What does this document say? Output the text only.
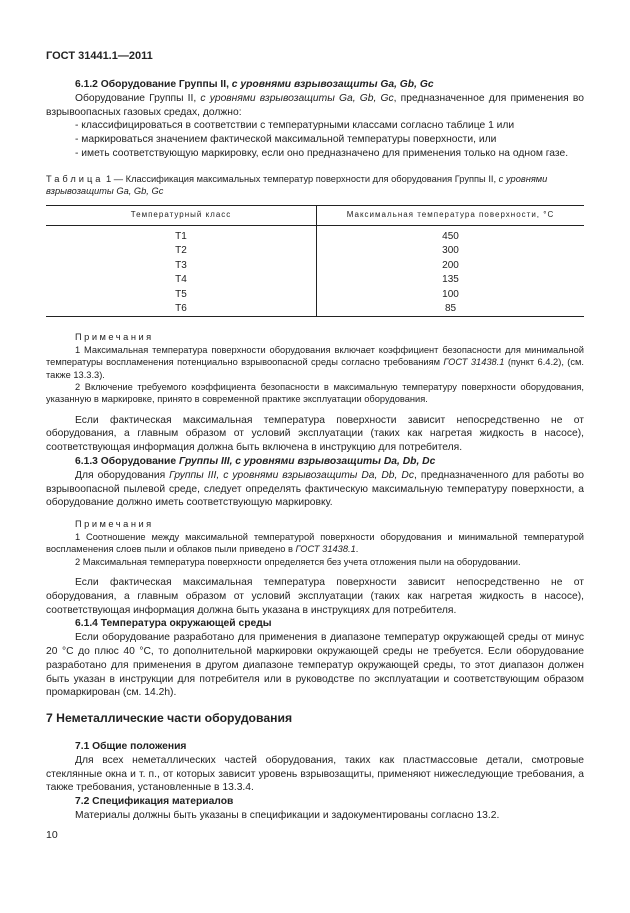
ГОСТ 31441.1—2011

6.1.2 Оборудование Группы II, с уровнями взрывозащиты Ga, Gb, Gc

Оборудование Группы II, с уровнями взрывозащиты Ga, Gb, Gc, предназначенное для применения во взрывоопасных газовых средах, должно:

- классифицироваться в соответствии с температурными классами согласно таблице 1 или

- маркироваться значением фактической максимальной температуры поверхности, или

- иметь соответствующую маркировку, если оно предназначено для применения только на одном газе.

Таблица 1 — Классификация максимальных температур поверхности для оборудования Группы II, с уровнями взрывозащиты Ga, Gb, Gc
Температурный класс	Максимальная температура поверхности, °С
T1	450
T2	300
T3	200
T4	135
T5	100
T6	85
Примечания

1 Максимальная температура поверхности оборудования включает коэффициент безопасности для минимальной температуры воспламенения потенциально взрывоопасной среды согласно требованиям ГОСТ 31438.1 (пункт 6.4.2), (см. также 13.3.3).

2 Включение требуемого коэффициента безопасности в максимальную температуру поверхности оборудования, указанную в маркировке, принято в современной практике эксплуатации оборудования.

Если фактическая максимальная температура поверхности зависит непосредственно не от оборудования, а главным образом от условий эксплуатации (таких как нагретая жидкость в насосе), соответствующая информация должна быть включена в инструкцию для потребителя.

6.1.3 Оборудование Группы III, с уровнями взрывозащиты Da, Db, Dc

Для оборудования Группы III, с уровнями взрывозащиты Da, Db, Dc, предназначенного для работы во взрывоопасной пылевой среде, следует определять фактическую максимальную температуру поверхности, а оборудование должно иметь соответствующую маркировку.

Примечания

1 Соотношение между максимальной температурой поверхности оборудования и минимальной температурой воспламенения слоев пыли и облаков пыли приведено в ГОСТ 31438.1.

2 Максимальная температура поверхности определяется без учета отложения пыли на оборудовании.

Если фактическая максимальная температура поверхности зависит непосредственно не от оборудования, а главным образом от условий эксплуатации (таких как нагретая жидкость в насосе), соответствующая информация должна быть указана в инструкциях для потребителя.

6.1.4 Температура окружающей среды

Если оборудование разработано для применения в диапазоне температур окружающей среды от минус 20 °С до плюс 40 °С, то дополнительной маркировки окружающей среды не требуется. Если оборудование разработано для применения в другом диапазоне температур окружающей среды, то этот диапазон должен быть указан в инструкции для потребителя или в руководстве по эксплуатации и соответствующим образом промаркирован (см. 14.2h).

7 Неметаллические части оборудования

7.1 Общие положения

Для всех неметаллических частей оборудования, таких как пластмассовые детали, смотровые стеклянные окна и т. п., от которых зависит уровень взрывозащиты, применяют нижеследующие требования, а также требования, установленные в 13.3.4.

7.2 Спецификация материалов

Материалы должны быть указаны в спецификации и задокументированы согласно 13.2.

10
